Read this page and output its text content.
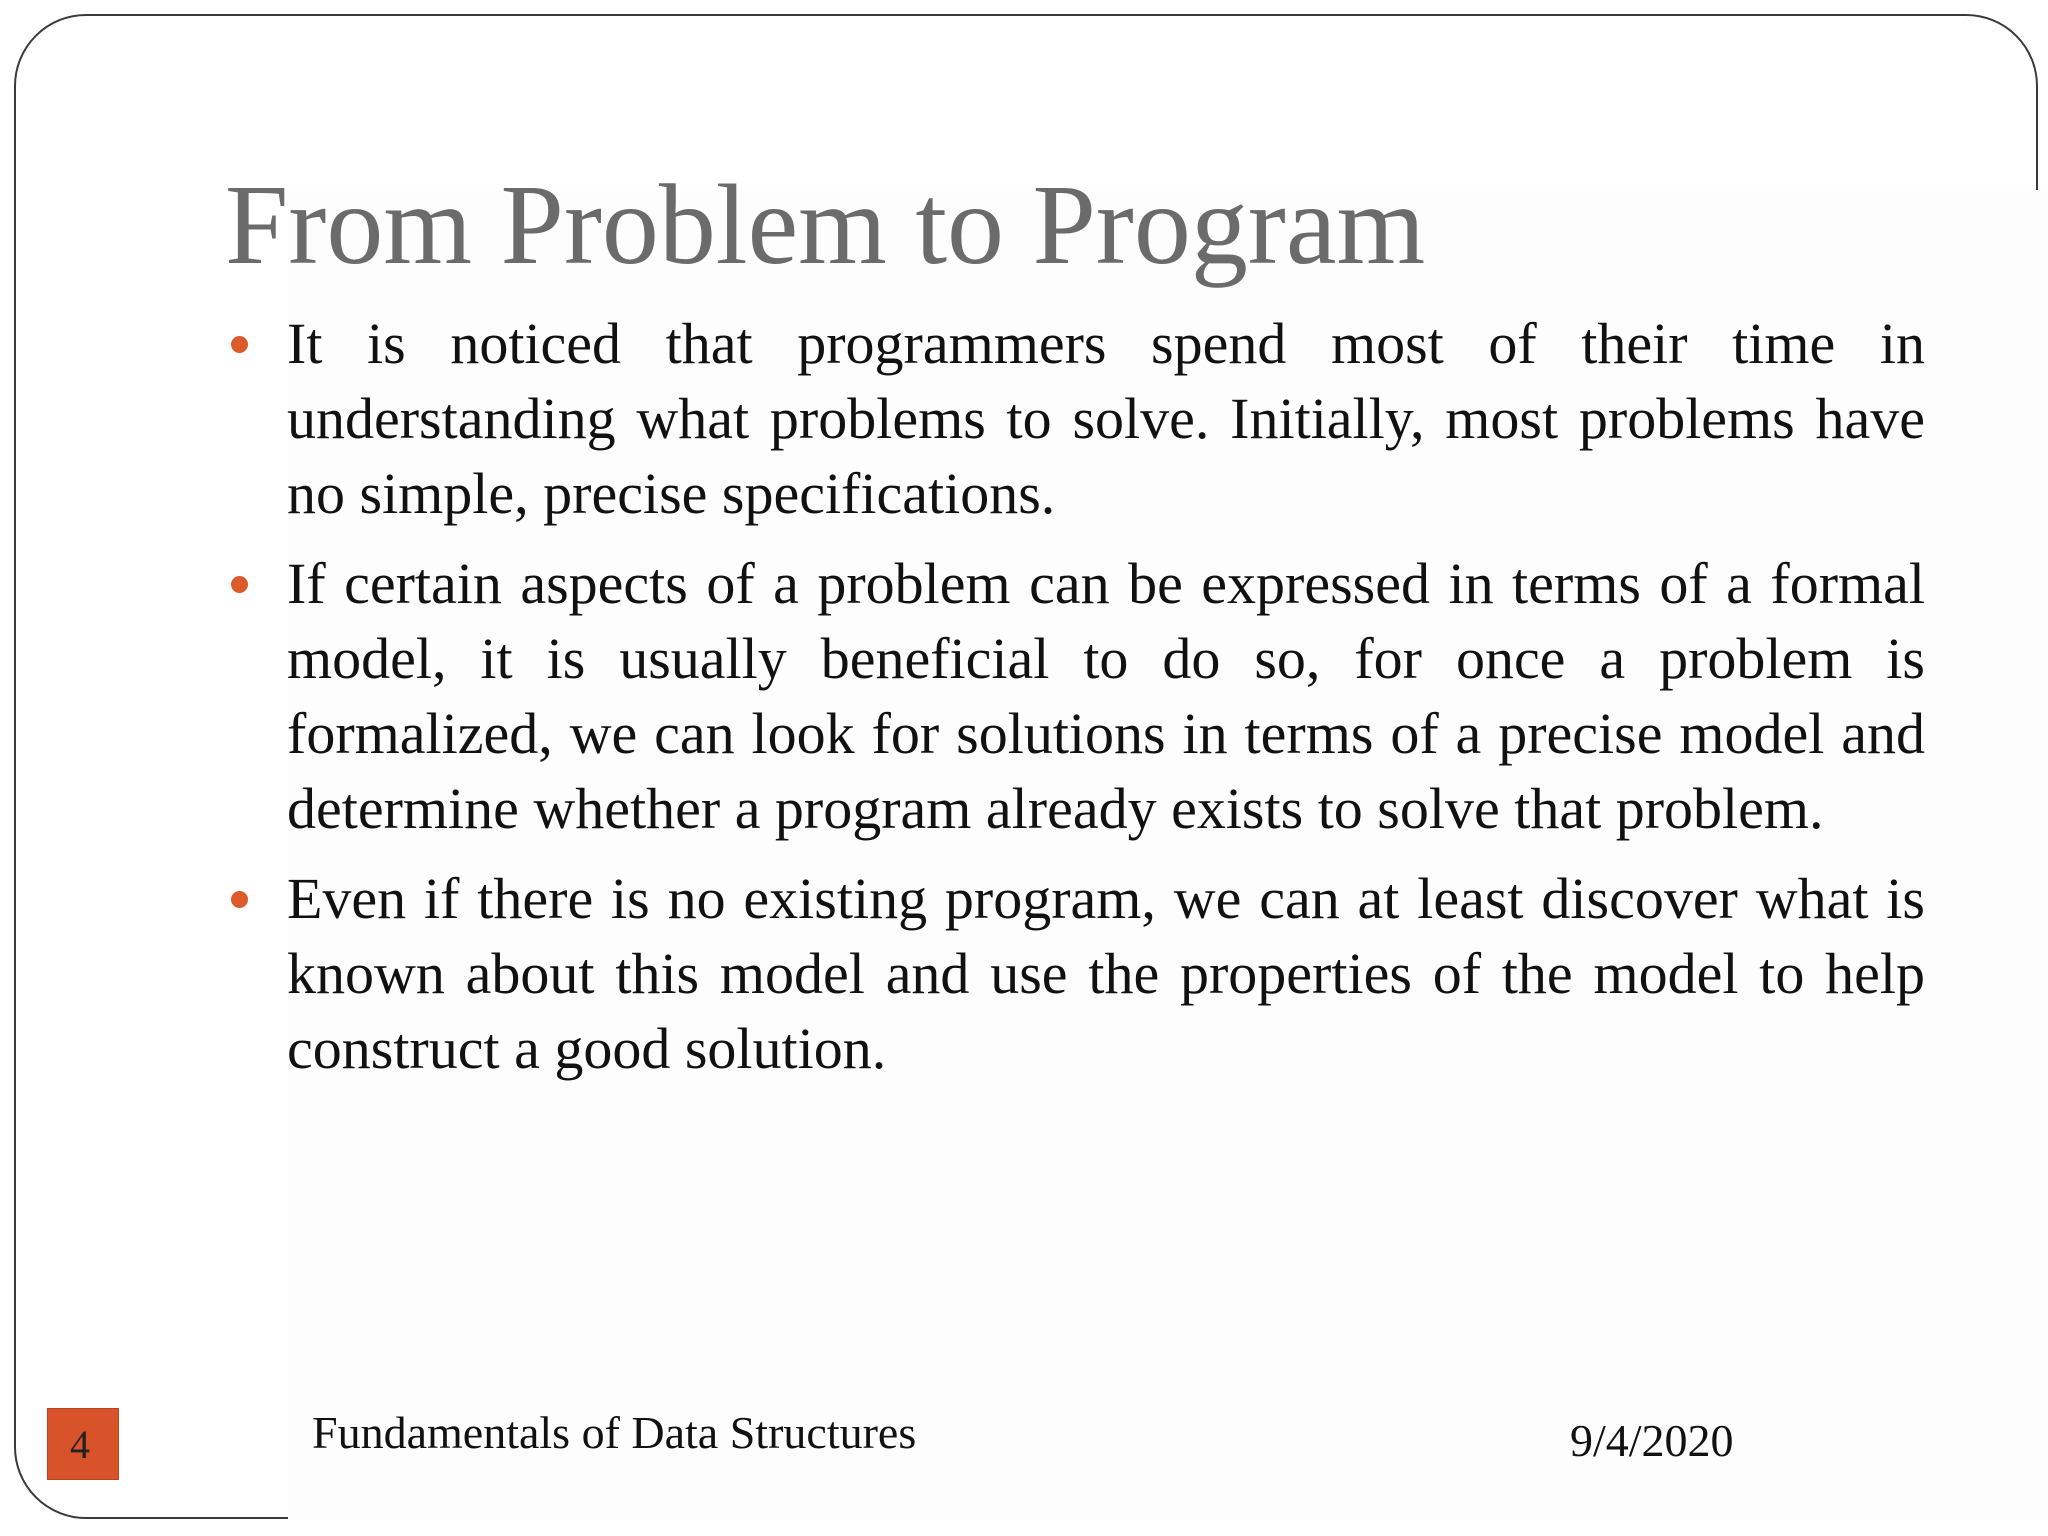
From Problem to Program
It is noticed that programmers spend most of their time in understanding what problems to solve. Initially, most problems have no simple, precise specifications.
If certain aspects of a problem can be expressed in terms of a formal model, it is usually beneficial to do so, for once a problem is formalized, we can look for solutions in terms of a precise model and determine whether a program already exists to solve that problem.
Even if there is no existing program, we can at least discover what is known about this model and use the properties of the model to help construct a good solution.
4	Fundamentals of Data Structures	9/4/2020
